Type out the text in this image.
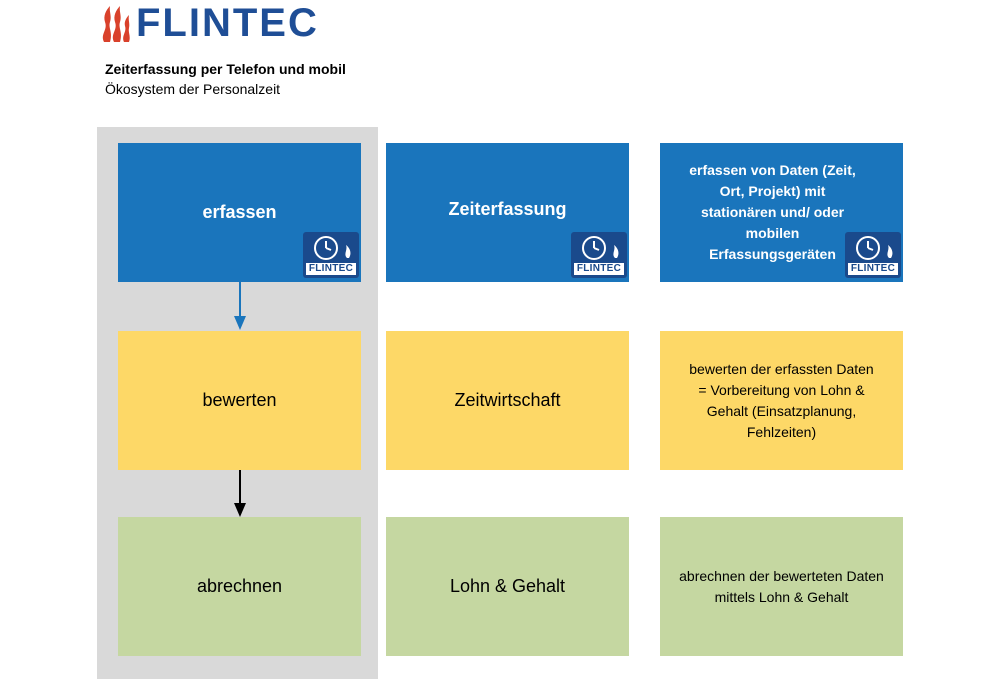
FLINTEC
Zeiterfassung per Telefon und mobil
Ökosystem der Personalzeit
erfassen
FLINTEC
Zeiterfassung
FLINTEC
erfassen von Daten (Zeit, Ort, Projekt) mit stationären und/ oder mobilen Erfassungsgeräten
FLINTEC
bewerten	Zeitwirtschaft
bewerten der erfassten Daten = Vorbereitung von Lohn & Gehalt (Einsatzplanung, Fehlzeiten)
abrechnen	Lohn & Gehalt
abrechnen der bewerteten Daten mittels Lohn & Gehalt
